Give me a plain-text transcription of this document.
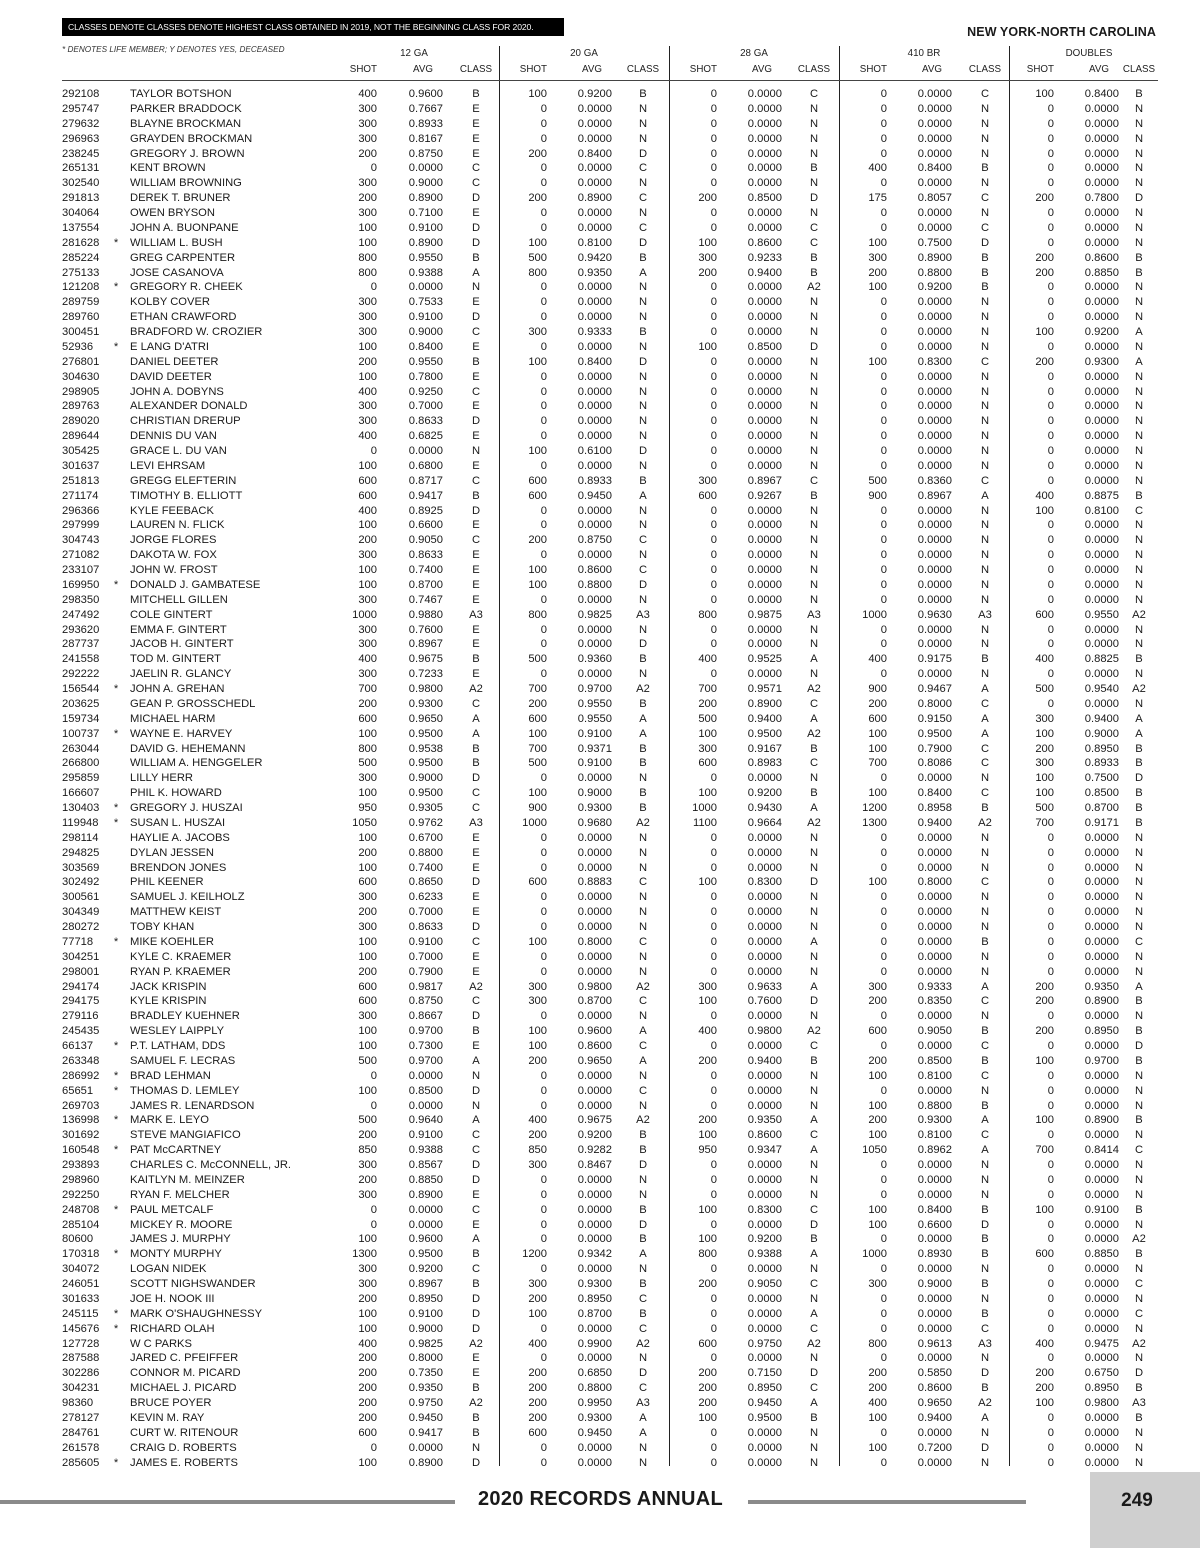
CLASSES DENOTE CLASSES DENOTE HIGHEST CLASS OBTAINED IN 2019, NOT THE BEGINNING CLASS FOR 2020.	NEW YORK-NORTH CAROLINA
* DENOTES LIFE MEMBER; Y DENOTES YES, DECEASED	12 GA
SHOT	AVG	CLASS
20 GA
SHOT	AVG	CLASS
28 GA
SHOT	AVG	CLASS
410 BR
SHOT	AVG	CLASS
DOUBLES
SHOT	AVG	CLASS
292108	TAYLOR BOTSHON	400	0.9600	B	100	0.9200	B	0	0.0000	C	0	0.0000	C	100	0.8400	B
295747	PARKER BRADDOCK	300	0.7667	E	0	0.0000	N	0	0.0000	N	0	0.0000	N	0	0.0000	N
279632	BLAYNE BROCKMAN	300	0.8933	E	0	0.0000	N	0	0.0000	N	0	0.0000	N	0	0.0000	N
296963	GRAYDEN BROCKMAN	300	0.8167	E	0	0.0000	N	0	0.0000	N	0	0.0000	N	0	0.0000	N
238245	GREGORY J. BROWN	200	0.8750	E	200	0.8400	D	0	0.0000	N	0	0.0000	N	0	0.0000	N
265131	KENT BROWN	0	0.0000	C	0	0.0000	C	0	0.0000	B	400	0.8400	B	0	0.0000	N
302540	WILLIAM BROWNING	300	0.9000	C	0	0.0000	N	0	0.0000	N	0	0.0000	N	0	0.0000	N
291813	DEREK T. BRUNER	200	0.8900	D	200	0.8900	C	200	0.8500	D	175	0.8057	C	200	0.7800	D
304064	OWEN BRYSON	300	0.7100	E	0	0.0000	N	0	0.0000	N	0	0.0000	N	0	0.0000	N
137554	JOHN A. BUONPANE	100	0.9100	D	0	0.0000	C	0	0.0000	C	0	0.0000	C	0	0.0000	N
281628 * WILLIAM L. BUSH	100	0.8900	D	100	0.8100	D	100	0.8600	C	100	0.7500	D	0	0.0000	N
285224	GREG CARPENTER	800	0.9550	B	500	0.9420	B	300	0.9233	B	300	0.8900	B	200	0.8600	B
275133	JOSE CASANOVA	800	0.9388	A	800	0.9350	A	200	0.9400	B	200	0.8800	B	200	0.8850	B
121208 * GREGORY R. CHEEK	0	0.0000	N	0	0.0000	N	0	0.0000	A2	100	0.9200	B	0	0.0000	N
289759	KOLBY COVER	300	0.7533	E	0	0.0000	N	0	0.0000	N	0	0.0000	N	0	0.0000	N
289760	ETHAN CRAWFORD	300	0.9100	D	0	0.0000	N	0	0.0000	N	0	0.0000	N	0	0.0000	N
300451	BRADFORD W. CROZIER	300	0.9000	C	300	0.9333	B	0	0.0000	N	0	0.0000	N	100	0.9200	A
52936 * E LANG D'ATRI	100	0.8400	E	0	0.0000	N	100	0.8500	D	0	0.0000	N	0	0.0000	N
276801	DANIEL DEETER	200	0.9550	B	100	0.8400	D	0	0.0000	N	100	0.8300	C	200	0.9300	A
304630	DAVID DEETER	100	0.7800	E	0	0.0000	N	0	0.0000	N	0	0.0000	N	0	0.0000	N
298905	JOHN A. DOBYNS	400	0.9250	C	0	0.0000	N	0	0.0000	N	0	0.0000	N	0	0.0000	N
289763	ALEXANDER DONALD	300	0.7000	E	0	0.0000	N	0	0.0000	N	0	0.0000	N	0	0.0000	N
289020	CHRISTIAN DRERUP	300	0.8633	D	0	0.0000	N	0	0.0000	N	0	0.0000	N	0	0.0000	N
289644	DENNIS DU VAN	400	0.6825	E	0	0.0000	N	0	0.0000	N	0	0.0000	N	0	0.0000	N
305425	GRACE L. DU VAN	0	0.0000	N	100	0.6100	D	0	0.0000	N	0	0.0000	N	0	0.0000	N
301637	LEVI EHRSAM	100	0.6800	E	0	0.0000	N	0	0.0000	N	0	0.0000	N	0	0.0000	N
251813	GREGG ELEFTERIN	600	0.8717	C	600	0.8933	B	300	0.8967	C	500	0.8360	C	0	0.0000	N
271174	TIMOTHY B. ELLIOTT	600	0.9417	B	600	0.9450	A	600	0.9267	B	900	0.8967	A	400	0.8875	B
296366	KYLE FEEBACK	400	0.8925	D	0	0.0000	N	0	0.0000	N	0	0.0000	N	100	0.8100	C
297999	LAUREN N. FLICK	100	0.6600	E	0	0.0000	N	0	0.0000	N	0	0.0000	N	0	0.0000	N
304743	JORGE FLORES	200	0.9050	C	200	0.8750	C	0	0.0000	N	0	0.0000	N	0	0.0000	N
271082	DAKOTA W. FOX	300	0.8633	E	0	0.0000	N	0	0.0000	N	0	0.0000	N	0	0.0000	N
233107	JOHN W. FROST	100	0.7400	E	100	0.8600	C	0	0.0000	N	0	0.0000	N	0	0.0000	N
169950 * DONALD J. GAMBATESE	100	0.8700	E	100	0.8800	D	0	0.0000	N	0	0.0000	N	0	0.0000	N
298350	MITCHELL GILLEN	300	0.7467	E	0	0.0000	N	0	0.0000	N	0	0.0000	N	0	0.0000	N
247492	COLE GINTERT	1000	0.9880	A3	800	0.9825	A3	800	0.9875	A3	1000	0.9630	A3	600	0.9550	A2
293620	EMMA F. GINTERT	300	0.7600	E	0	0.0000	N	0	0.0000	N	0	0.0000	N	0	0.0000	N
287737	JACOB H. GINTERT	300	0.8967	E	0	0.0000	D	0	0.0000	N	0	0.0000	N	0	0.0000	N
241558	TOD M. GINTERT	400	0.9675	B	500	0.9360	B	400	0.9525	A	400	0.9175	B	400	0.8825	B
292222	JAELIN R. GLANCY	300	0.7233	E	0	0.0000	N	0	0.0000	N	0	0.0000	N	0	0.0000	N
156544 * JOHN A. GREHAN	700	0.9800	A2	700	0.9700	A2	700	0.9571	A2	900	0.9467	A	500	0.9540	A2
203625	GEAN P. GROSSCHEDL	200	0.9300	C	200	0.9550	B	200	0.8900	C	200	0.8000	C	0	0.0000	N
159734	MICHAEL HARM	600	0.9650	A	600	0.9550	A	500	0.9400	A	600	0.9150	A	300	0.9400	A
100737 * WAYNE E. HARVEY	100	0.9500	A	100	0.9100	A	100	0.9500	A2	100	0.9500	A	100	0.9000	A
263044	DAVID G. HEHEMANN	800	0.9538	B	700	0.9371	B	300	0.9167	B	100	0.7900	C	200	0.8950	B
266800	WILLIAM A. HENGGELER	500	0.9500	B	500	0.9100	B	600	0.8983	C	700	0.8086	C	300	0.8933	B
295859	LILLY HERR	300	0.9000	D	0	0.0000	N	0	0.0000	N	0	0.0000	N	100	0.7500	D
166607	PHIL K. HOWARD	100	0.9500	C	100	0.9000	B	100	0.9200	B	100	0.8400	C	100	0.8500	B
130403 * GREGORY J. HUSZAI	950	0.9305	C	900	0.9300	B	1000	0.9430	A	1200	0.8958	B	500	0.8700	B
119948 * SUSAN L. HUSZAI	1050	0.9762	A3	1000	0.9680	A2	1100	0.9664	A2	1300	0.9400	A2	700	0.9171	B
298114	HAYLIE A. JACOBS	100	0.6700	E	0	0.0000	N	0	0.0000	N	0	0.0000	N	0	0.0000	N
294825	DYLAN JESSEN	200	0.8800	E	0	0.0000	N	0	0.0000	N	0	0.0000	N	0	0.0000	N
303569	BRENDON JONES	100	0.7400	E	0	0.0000	N	0	0.0000	N	0	0.0000	N	0	0.0000	N
302492	PHIL KEENER	600	0.8650	D	600	0.8883	C	100	0.8300	D	100	0.8000	C	0	0.0000	N
300561	SAMUEL J. KEILHOLZ	300	0.6233	E	0	0.0000	N	0	0.0000	N	0	0.0000	N	0	0.0000	N
304349	MATTHEW KEIST	200	0.7000	E	0	0.0000	N	0	0.0000	N	0	0.0000	N	0	0.0000	N
280272	TOBY KHAN	300	0.8633	D	0	0.0000	N	0	0.0000	N	0	0.0000	N	0	0.0000	N
77718 * MIKE KOEHLER	100	0.9100	C	100	0.8000	C	0	0.0000	A	0	0.0000	B	0	0.0000	C
304251	KYLE C. KRAEMER	100	0.7000	E	0	0.0000	N	0	0.0000	N	0	0.0000	N	0	0.0000	N
298001	RYAN P. KRAEMER	200	0.7900	E	0	0.0000	N	0	0.0000	N	0	0.0000	N	0	0.0000	N
294174	JACK KRISPIN	600	0.9817	A2	300	0.9800	A2	300	0.9633	A	300	0.9333	A	200	0.9350	A
294175	KYLE KRISPIN	600	0.8750	C	300	0.8700	C	100	0.7600	D	200	0.8350	C	200	0.8900	B
279116	BRADLEY KUEHNER	300	0.8667	D	0	0.0000	N	0	0.0000	N	0	0.0000	N	0	0.0000	N
245435	WESLEY LAIPPLY	100	0.9700	B	100	0.9600	A	400	0.9800	A2	600	0.9050	B	200	0.8950	B
66137 * P.T. LATHAM, DDS	100	0.7300	E	100	0.8600	C	0	0.0000	C	0	0.0000	C	0	0.0000	D
263348	SAMUEL F. LECRAS	500	0.9700	A	200	0.9650	A	200	0.9400	B	200	0.8500	B	100	0.9700	B
286992 * BRAD LEHMAN	0	0.0000	N	0	0.0000	N	0	0.0000	N	100	0.8100	C	0	0.0000	N
65651 * THOMAS D. LEMLEY	100	0.8500	D	0	0.0000	C	0	0.0000	N	0	0.0000	N	0	0.0000	N
269703	JAMES R. LENARDSON	0	0.0000	N	0	0.0000	N	0	0.0000	N	100	0.8800	B	0	0.0000	N
136998 * MARK E. LEYO	500	0.9640	A	400	0.9675	A2	200	0.9350	A	200	0.9300	A	100	0.8900	B
301692	STEVE MANGIAFICO	200	0.9100	C	200	0.9200	B	100	0.8600	C	100	0.8100	C	0	0.0000	N
160548 * PAT McCARTNEY	850	0.9388	C	850	0.9282	B	950	0.9347	A	1050	0.8962	A	700	0.8414	C
293893	CHARLES C. McCONNELL, JR.	300	0.8567	D	300	0.8467	D	0	0.0000	N	0	0.0000	N	0	0.0000	N
298960	KAITLYN M. MEINZER	200	0.8850	D	0	0.0000	N	0	0.0000	N	0	0.0000	N	0	0.0000	N
292250	RYAN F. MELCHER	300	0.8900	E	0	0.0000	N	0	0.0000	N	0	0.0000	N	0	0.0000	N
248708 * PAUL METCALF	0	0.0000	C	0	0.0000	B	100	0.8300	C	100	0.8400	B	100	0.9100	B
285104	MICKEY R. MOORE	0	0.0000	E	0	0.0000	D	0	0.0000	D	100	0.6600	D	0	0.0000	N
80600	JAMES J. MURPHY	100	0.9600	A	0	0.0000	B	100	0.9200	B	0	0.0000	B	0	0.0000	A2
170318 * MONTY MURPHY	1300	0.9500	B	1200	0.9342	A	800	0.9388	A	1000	0.8930	B	600	0.8850	B
304072	LOGAN NIDEK	300	0.9200	C	0	0.0000	N	0	0.0000	N	0	0.0000	N	0	0.0000	N
246051	SCOTT NIGHSWANDER	300	0.8967	B	300	0.9300	B	200	0.9050	C	300	0.9000	B	0	0.0000	C
301633	JOE H. NOOK III	200	0.8950	D	200	0.8950	C	0	0.0000	N	0	0.0000	N	0	0.0000	N
245115 * MARK O'SHAUGHNESSY	100	0.9100	D	100	0.8700	B	0	0.0000	A	0	0.0000	B	0	0.0000	C
145676 * RICHARD OLAH	100	0.9000	D	0	0.0000	C	0	0.0000	C	0	0.0000	C	0	0.0000	N
127728	W C PARKS	400	0.9825	A2	400	0.9900	A2	600	0.9750	A2	800	0.9613	A3	400	0.9475	A2
287588	JARED C. PFEIFFER	200	0.8000	E	0	0.0000	N	0	0.0000	N	0	0.0000	N	0	0.0000	N
302286	CONNOR M. PICARD	200	0.7350	E	200	0.6850	D	200	0.7150	D	200	0.5850	D	200	0.6750	D
304231	MICHAEL J. PICARD	200	0.9350	B	200	0.8800	C	200	0.8950	C	200	0.8600	B	200	0.8950	B
98360	BRUCE POYER	200	0.9750	A2	200	0.9950	A3	200	0.9450	A	400	0.9650	A2	100	0.9800	A3
278127	KEVIN M. RAY	200	0.9450	B	200	0.9300	A	100	0.9500	B	100	0.9400	A	0	0.0000	B
284761	CURT W. RITENOUR	600	0.9417	B	600	0.9450	A	0	0.0000	N	0	0.0000	N	0	0.0000	N
261578	CRAIG D. ROBERTS	0	0.0000	N	0	0.0000	N	0	0.0000	N	100	0.7200	D	0	0.0000	N
285605 * JAMES E. ROBERTS	100	0.8900	D	0	0.0000	N	0	0.0000	N	0	0.0000	N	0	0.0000	N
2020 RECORDS ANNUAL	249
